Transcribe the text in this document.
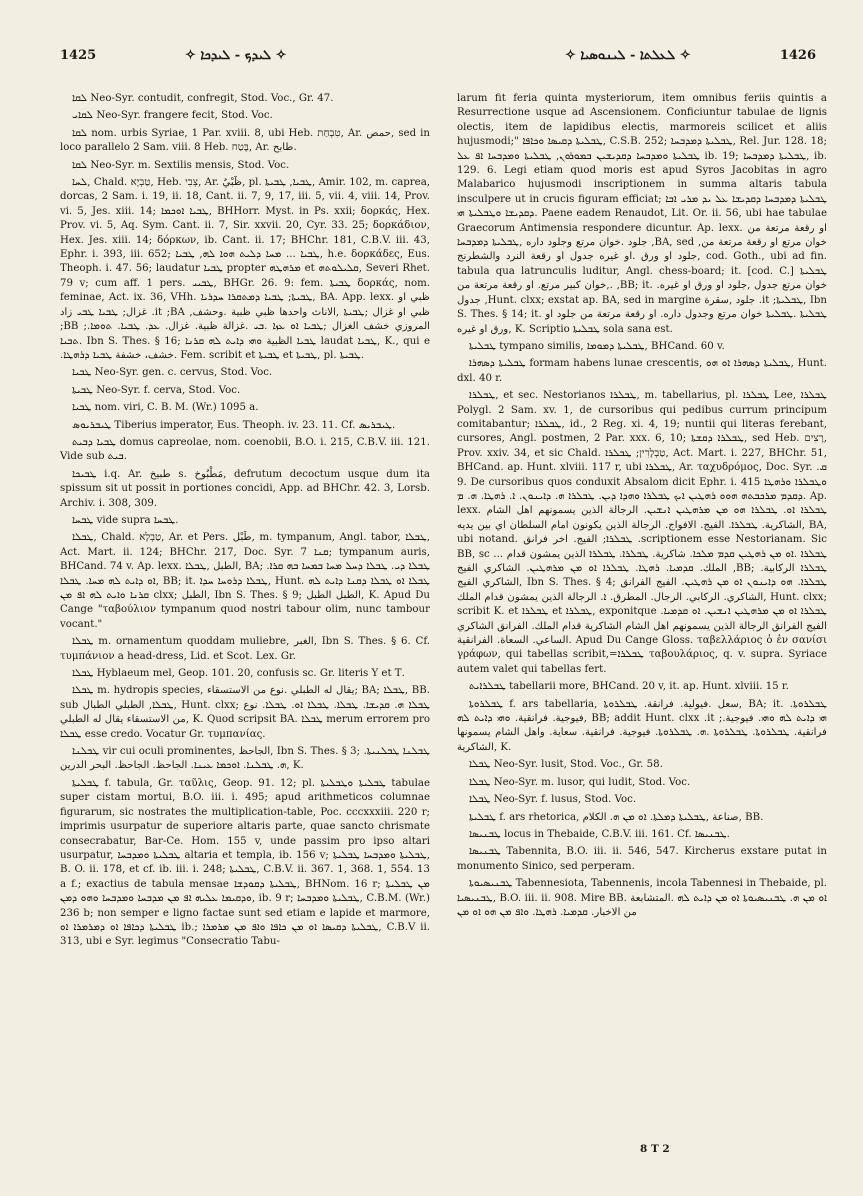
1425	✧ ܠܝܕܟ - ܠܝܕܟܐ ✧	✧ ܠܥܠܬܐ - ܠܝܢܘܣܝܐ ✧	1426

ܠܩܐ Neo-Syr. contudit, confregit, Stod. Voc., Gr. 47.

ܠܩܐܝ Neo-Syr. frangere fecit, Stod. Voc.

ܠܩܐ nom. urbis Syriae, 1 Par. xviii. 8, ubi Heb. טִבְחַת, Ar. حمص, sed in loco parallelo 2 Sam. viii. 8 Heb. בֶּטַח, Ar. طابح.

ܠܩܐ Neo-Syr. m. Sextilis mensis, Stod. Voc.

ܠܚܐ, Chald. טַבְיָא, Heb. צְבִי, Ar. ظَبْيٌ, pl. ܛܒܝܐ, ܛܒܝܬܐ, Amir. 102, m. caprea, dorcas, 2 Sam. i. 19, ii. 18, Cant. ii. 7, 9, 17, iii. 5, vii. 4, viii. 14, Prov. vi. 5, Jes. xiii. 14; ܛܒܝܐ ܐܘܟܡܐ, BHHorr. Myst. in Ps. xxii; δορκάς, Hex. Prov. vi. 5, Aq. Sym. Cant. ii. 7, Sir. xxvii. 20, Cyr. 33. 25; δορκάδιον, Hex. Jes. xiii. 14; δόρκων, ib. Cant. ii. 17; BHChr. 181, C.B.V. iii. 43, Ephr. i. 393, iii. 652; ܛܒܝܐ ... ܡܚܐ ܕܠܝܬ ܗܘܐ ܠܗ, ܛܒܝܐ, h.e. δορκάδες, Eus. Theoph. i. 47. 56; laudatur ܛܒܝܐ propter ܡܪܗܛܗ et ܩܠܝܠܘܬܗ, Severi Rhet. 79 v; cum aff. 1 pers. ܛܒܝܝ, BHGr. 26. 9: fem. ܛܒܝܬܐ δορκάς, nom. feminae, Act. ix. 36, VHh. ܛܒܝܬܐ; ܛܒܝܐ ܕܡܬܩܪܐ ܚܕܪܝܐ, BA. App. lexx. ظبي او غزال; ܛܒܝܐ ܛܒܝ زاد .it ;BA ,ظبي او غزال ;ܛܒܝܬܐ ,الاناث واحدها ظبي ظبية .وحشف ;BB ;المروزي خشف الغزال ;ܛܒܝܐ ܐܘ ܥܙܐ .ܒܝ .غزالة ظبية. غزال. ܥܕ. ܛܒܝܐ. ܬܘܡܐ. ܬܒܝܐ. Ibn S. Thes. § 16; ܛܒܝܐ الظبية ܘܗܝ ܕܐܝܬ ܠܗ ܩܪܢܐ laudat ܛܒܝܐ, K., qui e .خشف، خشفة ܛܒܝܐ ܕܪܗܛܐ. Fem. scribit et ܛܒܝܬܐ et ܛܒܝܬܐ, pl. ܛܒܝܬܐ.

ܛܒܝܐ Neo-Syr. gen. c. cervus, Stod. Voc.

ܛܒܝܬܐ Neo-Syr. f. cerva, Stod. Voc.

ܛܒܝܐ nom. viri, C. B. M. (Wr.) 1095 a.

ܛܝܒܪܝܘܣ Tiberius imperator, Eus. Theoph. iv. 23. 11. Cf. ܛܝܒܪܝܣ.

ܛܒܝܐ ܕܒܝܬ domus capreolae, nom. coenobii, B.O. i. 215, C.B.V. iii. 121. Vide sub ܒܝܬ.

ܛܒܝܟܐ i.q. Ar. طبيخ s. مَطْبُوخ, defrutum decoctum usque dum ita spissum sit ut possit in portiones concidi, App. ad BHChr. 42. 3, Lorsb. Archiv. i. 308, 309.

ܛܒܚܐ vide supra ܛܒܚܐ.

ܛܒܠܐ, Chald. טַבְלָא, Ar. et Pers. طَبْل, m. tympanum, Angl. tabor, ܛܒܠܐ, Act. Mart. ii. 124; BHChr. 217, Doc. Syr. ܩܢܐ 7; tympanum auris, BHCand. 74 v. Ap. lexx. الطبل ,ܛܒܠܐ, BA; ܛܒܠܐ ܕܝ. ܛܒܠܐ ܕܚܠ ܡܚܐ ܒܡܚܐ ܒܗ ܩܪܐ. ܐܘ ܕܐܝܬ ܠܗ ܡܚܐ. ܛܒܠܐ, BB; it. ܛܒܠܐ ܕܪܘܚܐ ܚܕܐ, Hunt. ܛܒܠܐ ܐܘ ܛܒܠܐ ܕܩܢܐ ܕܐܝܬ ܠܗ ܩܪܢܐ ܘܐܝܬ ܠܗ ܐܦ ܡܢ clxx; الطبل, Ibn S. Thes. § 9; الطبل الطبل, K. Apud Du Cange "ταβούλιον tympanum quod nostri tabour olim, nunc tambour vocant."

ܛܒܠܐ m. ornamentum quoddam muliebre, الغبر, Ibn S. Thes. § 6. Cf. τυμπάνιον a head-dress, Lid. et Scot. Lex. Gr.

ܛܒܠܐ Hyblaeum mel, Geop. 101. 20, confusis sc. Gr. literis Υ et Τ.

ܛܒܠܐ m. hydropis species, يقال له الطبلي .نوع من الاستسقاء; BA; ܛܒܠܐ, BB. sub ܛܒܠܐ, الطبلي الطبال, Hunt. clxx; ܛܒܠܐ ܗ. ܩܕܝܫܐ. ܛܒܠܐ. ܛܒܠܐ ܐܘ. ܛܒܠܐ. نوع من الاستسقاء يقال له الطبلي, K. Quod scripsit BA. ܛܒܠܐ merum errorem pro ܛܒܠܐ esse credo. Vocatur Gr. τυμπανίας.

ܛܒܠܢܐ vir cui oculi prominentes, الجاحظ, Ibn S. Thes. § 3; ܛܒܠܢܐ ܛܒܠܢܝܬܐ. ܗ. ܛܒܠܢܐ. ܐܘܟܡܐ ܥܝܢܐ. الجاحظ. الجاحظ. البحر الدرين, K.

ܛܒܠܝܬܐ f. tabula, Gr. ταῦλις, Geop. 91. 12; pl. ܛܒܠܝܬܐ ܘܛܒܠܝܬܐ tabulae super cistam mortui, B.O. iii. i. 495; apud arithmeticos columnae figurarum, sic nostrates the multiplication-table, Poc. cccxxxiii. 220 r; imprimis usurpatur de superiore altaris parte, quae sancto chrismate consecrabatur, Bar-Ce. Hom. 155 v, unde passim pro ipso altari usurpatur, ܛܒܠܝܬܐ ܘܡܕܒܚܐ altaria et templa, ib. 156 v; ܛܒܠܝܬܐ ܘܡܕܒܚܐ ܛܒܠܝܬܐ, B. O. ii. 178, et cf. ib. iii. i. 248; ܛܒܠܝܬܐ, C.B.V. ii. 367. 1, 368. 1, 554. 13 a f.; exactius de tabula mensae ܛܒܠܝܬܐ ܕܩܘܕܫܐ, BHNom. 16 r; ܡܢ ܛܒܠܝܬܐ ܘܕܩܝܡܐ ܥܠܝܗ ܐܦ ܡܢ ܡܕܒܚܐ ܘܡܕܒܚܐ ܘܗܘ ܕܡܢ, ib. 9 r; ܛܒܠܝܬܐ ܘܡܕܒܚܐ, C.B.M. (Wr.) 236 b; non semper e ligno factae sunt sed etiam e lapide et marmore, ܛܒܠܝܬܐ ܕܟܐܦܐ ܐܘ ܕܡܪܡܪܐ ܐܘ ib.; ܛܒܠܝܬܐ ܕܩܝܣܐ ܐܘ ܡܢ ܟܐܦܐ ܘܐܦ ܡܢ ܡܪܡܪܐ, C.B.V ii. 313, ubi e Syr. legimus "Consecratio Tabu-

larum fit feria quinta mysteriorum, item omnibus feriis quintis a Resurrectione usque ad Ascensionem. Conficiuntur tabulae de lignis olectis, item de lapidibus electis, marmoreis scilicet et aliis hujusmodi;" ܛܒܠܝܬܐ ܕܩܝܣܐ ܘܟܐܦܐ, C.S.B. 252; ܛܒܠܝܬܐ ܕܡܕܒܚܐ, Rel. Jur. 128. 18; ܛܒܠܝܬܐ ܘܡܕܒܚܐ ܕܩܕܝܫܝܢ ܒܡܘܪܘܢ, ܛܒܠܝܬܐ ܘܡܕܒܚܐ ܐܦ ܥܠ ib. 19; ܛܒܠܝܬܐ ܕܡܕܒܚܐ, ib. 129. 6. Legi etiam quod moris est apud Syros Jacobitas in agro Malabarico hujusmodi inscriptionem in summa altaris tabula insculpere ut in crucis figuram efficiat; ܛܒܠܝܬܐ ܕܡܕܒܚܐ ܕܩܕܝܫܐ ܥܠ ܝܕ ܡܪܝ ܐܒܐ ܕܩܕܝܫܐ ܘܛܒܠܝܬܐ ܗܝ. Paene eadem Renaudot, Lit. Or. ii. 56, ubi hae tabulae Graecorum Antimensia respondere dicuntur. Ap. lexx. او رقعة مرتعة من جلود .خوان مرتع وجلود داره ,ܛܒܠܝܬܐ ܕܡܕܒܚܐ ,BA, sed ,خوان مرتع او رقعة مرتعة من جلود او ورق .او غيره جدول او رقعة النرد والشطرنج, cod. Goth., ubi ad fin. tabula qua latrunculis luditur, Angl. chess-board; it. [cod. C.] ܛܒܠܝܬܐ ,خوان كبير مرتع. او رقعة مرتعة من. ,BB; it. خوان مرتع جدول ,جلود او ورق او غيره. جدول ,Hunt. clxx; exstat ap. BA, sed in margine جلود ,سقرة .it ;ܛܒܠܝܬܐ, Ibn S. Thes. § 14; it. ܛܒܠܝܬܐ .ܛܒܠܝܬܐ خوان مرتع وجدول داره. او رقعة مرتعة من جلود او ورق او غيره, K. Scriptio ܛܒܠܝܬܐ sola sana est.

ܛܒܠܝܬܐ tympano similis, ܛܒܠܝܬܐ ܕܡܘܡܐ, BHCand. 60 v.

ܛܒܠܝܬܐ ܕܣܗܪܐ formam habens lunae crescentis, ܛܒܠܝܬܐ ܕܣܗܪܐ ܐܘ ܗܘ, Hunt. dxl. 40 r.

ܛܒܠܪܐ, et sec. Nestorianos ܛܒܠܪܐ, m. tabellarius, pl. ܛܒܠܪܐ Lee, ܛܒܠܪܐ Polygl. 2 Sam. xv. 1, de cursoribus qui pedibus currum principum comitabantur; ܛܒܠܪܐ, id., 2 Reg. xi. 4, 19; nuntii qui literas ferebant, cursores, Angl. postmen, 2 Par. xxx. 6, 10; ܛܒܠܪܐ ܕܩܫܬܐ, sed Heb. רָצִים, Prov. xxiv. 34, et sic Chald. טַבְלָרִין; ܛܒܠܪܐ, Act. Mart. i. 227, BHChr. 51, BHCand. ap. Hunt. xlviii. 117 r, ubi ܛܒܠܪܐ, Ar. ταχυδρόμος, Doc. Syr. ܩ. 9. De cursoribus quos conduxit Absalom dicit Ephr. i. 415 ܘܛܒܠܪܐ ܘܪܗܛܐ ܕܩܕܡ ܡܪܟܒܬܗ ܗܘܘ ܪܗܛܝܢ ܐܝܟ ܛܒܠܪܐ ܘܗܕܐ ܕܝܢ. ܛܒܠܪܐ ܗ. ܕܐܝܢܘܢ. ܐ. ܪܗܛܐ. ܗ. ܡ. Ap. lexx. ܛܒܠܪܐ ܐܘ. ܛܒܠܪܐ ܗܘ ܡܢ ܡܪܗܛܝܢ ܐܢܫܝܢ. الرجالة الذين يسمونهم اهل الشام الشاكرية. ܛܒܠܪܐ. الفيج. الافواج. الرجالة الذين يكونون امام السلطان اي بين يديه, BA, ubi notand. ܛܒܠܪܐ; الفيج. اخر فرانق .scriptionem esse Nestorianam. Sic BB, sc ... ܛܒܠܪܐ .ܐܘ ܡܢ ܪܗܛܝܢ ܩܕܡ ܡܠܟܐ. شاكرية. ܛܒܠܪܐ. ܛܒܠܪܐ الذين يمشون قدام الملك. ܩܕܡܝܐ. ܪܗܛܐ. ܛܒܠܪܐ ܐܘ ܡܢ ܡܪܗܛܝܢ. الشاكري الفيج ,BB; ܛܒܠܪܐ الركابية. الشاكري الفيج, Ibn S. Thes. § 4; ܛܒܠܪܐ. ܗܘ ܕܐܝܢܘܢ ܐܘ ܡܢ ܪܗܛܝܢ. الفيج الفرانق الشاكري. الركابي. الرجال. المطرق. ܐ. الرجالة الذين يمشون قدام الملك, Hunt. clxx; scribit K. et ܛܒܠܪܐ et ܛܒܠܪܐ, exponitque ܛܒܠܪܐ ܐܘ ܡܢ ܡܪܗܛܝܢ ܐܢܫܝܢ. ܐܘ ܩܕܡܝܐ. الفيج الفرانق الرجالة الذين يسمونهم اهل الشام الشاكرية قدام الملك. الفرانق الشاكري الساعي. السعاة. الفرانقية. Apud Du Cange Gloss. ταβελλάριος ὁ ἐν σανίσι γράφων, qui tabellas scribit,=ܛܒܠܪܐ ταβουλάριος, q. v. supra. Syriace autem valet qui tabellas fert.

ܛܒܠܪܐܝܬ tabellarii more, BHCand. 20 v, it. ap. Hunt. xlviii. 15 r.

ܛܒܠܪܘܬܐ f. ars tabellaria, سعل .فيولية. فرانقة. ܛܒܠܪܘܬܐ, BA; it. ܛܒܠܪܘܬܐ. فيوجية. فرانقية. ܘܗܝ ܕܐܝܬ ܠܗ, BB; addit Hunt. clxx .it ;ܗܝ ܕܐܝܬ ܠܗ ܘܗܝ. فيوجية. فرانقية. ܛܒܠܪܘܬܐ. ܛܒܠܪܘܬܐ .ܗ. ܛܒܠܪܘܬܐ. فيوجية. فرانقية. سعاية. واهل الشام يسمونها الشاكرية, K.

ܛܒܠܐ Neo-Syr. lusit, Stod. Voc., Gr. 58.

ܛܒܠܐ Neo-Syr. m. lusor, qui ludit, Stod. Voc.

ܛܒܠܐ Neo-Syr. f. lusus, Stod. Voc.

ܛܒܠܝܬܐ f. ars rhetorica, صناعة ,ܛܒܠܝܬܐ ܕܡܠܬܐ. ܐܘ ܡܢ ܗ. الكلام, BB.

ܛܒܢܝܣܐ locus in Thebaide, C.B.V. iii. 161. Cf. ܛܒܢܝܣܐ.

ܛܒܢܝܣܐ Tabennita, B.O. iii. ii. 546, 547. Kircherus exstare putat in monumento Sinico, sed perperam.

ܛܒܢܝܣܝܘܬܐ Tabennesiota, Tabennenis, incola Tabennesi in Thebaide, pl. ܛܒܢܝܣܝܐ, B.O. iii. ii. 908. Mire BB. ܐܘ ܡܢ ܗ. ܛܒܢܝܣܝܘܬܐ ܐܘ ܡܢ ܕܐܝܬ ܠܗ .المتشابعة من الاخبار. ܩܕܡܝܐ. ܪܗܛܐ. ܘܐܦ ܡܢ ܗܘ ܐܘ ܡܢ

8 T 2
